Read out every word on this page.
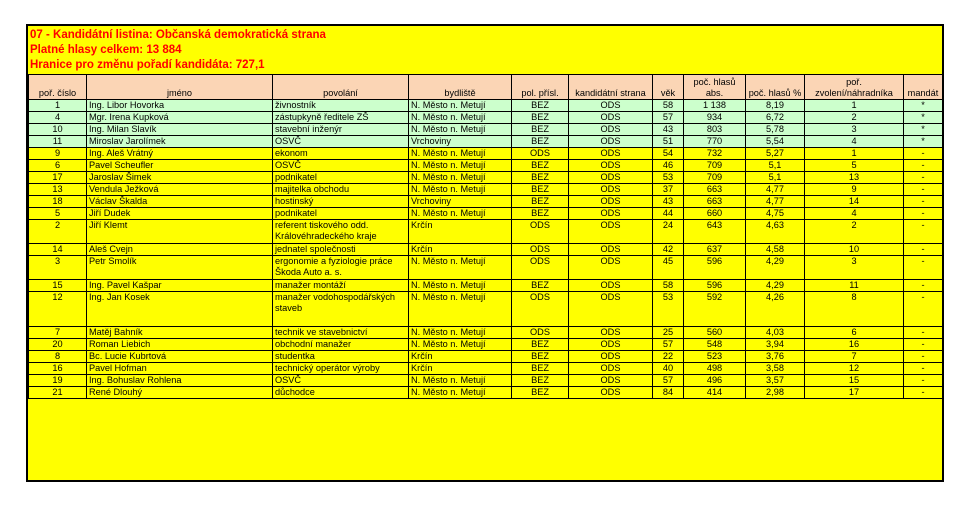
07 - Kandidátní listina: Občanská demokratická strana
Platné hlasy celkem: 13 884
Hranice pro změnu pořadí kandidáta: 727,1
poř. číslo	jméno	povolání	bydliště	pol. přísl.	kandidátní strana	věk	poč. hlasů abs.	poč. hlasů %	poř. zvolení/náhradníka	mandát
1	Ing. Libor Hovorka	živnostník	N. Město n. Metují	BEZ	ODS	58	1 138	8,19	1	*
4	Mgr. Irena Kupková	zástupkyně ředitele ZŠ	N. Město n. Metují	BEZ	ODS	57	934	6,72	2	*
10	Ing. Milan Slavík	stavební inženýr	N. Město n. Metují	BEZ	ODS	43	803	5,78	3	*
11	Miroslav Jarolímek	OSVČ	Vrchoviny	BEZ	ODS	51	770	5,54	4	*
9	Ing. Aleš Vrátný	ekonom	N. Město n. Metují	ODS	ODS	54	732	5,27	1	-
6	Pavel Scheufler	OSVČ	N. Město n. Metují	BEZ	ODS	46	709	5,1	5	-
17	Jaroslav Šimek	podnikatel	N. Město n. Metují	BEZ	ODS	53	709	5,1	13	-
13	Vendula Ježková	majitelka obchodu	N. Město n. Metují	BEZ	ODS	37	663	4,77	9	-
18	Václav Škalda	hostinský	Vrchoviny	BEZ	ODS	43	663	4,77	14	-
5	Jiří Dudek	podnikatel	N. Město n. Metují	BEZ	ODS	44	660	4,75	4	-
2	Jiří Klemt	referent tiskového odd. Královéhradeckého kraje	Krčín	ODS	ODS	24	643	4,63	2	-
14	Aleš Cvejn	jednatel společnosti	Krčín	ODS	ODS	42	637	4,58	10	-
3	Petr Smolík	ergonomie a fyziologie práce Škoda Auto a. s.	N. Město n. Metují	ODS	ODS	45	596	4,29	3	-
15	Ing. Pavel Kašpar	manažer montáží	N. Město n. Metují	BEZ	ODS	58	596	4,29	11	-
12	Ing. Jan Kosek	manažer vodohospodářských staveb	N. Město n. Metují	ODS	ODS	53	592	4,26	8	-
7	Matěj Bahník	technik ve stavebnictví	N. Město n. Metují	ODS	ODS	25	560	4,03	6	-
20	Roman Liebich	obchodní manažer	N. Město n. Metují	BEZ	ODS	57	548	3,94	16	-
8	Bc. Lucie Kubrtová	studentka	Krčín	BEZ	ODS	22	523	3,76	7	-
16	Pavel Hofman	technický operátor výroby	Krčín	BEZ	ODS	40	498	3,58	12	-
19	Ing. Bohuslav Rohlena	OSVČ	N. Město n. Metují	BEZ	ODS	57	496	3,57	15	-
21	René Dlouhý	důchodce	N. Město n. Metují	BEZ	ODS	84	414	2,98	17	-
